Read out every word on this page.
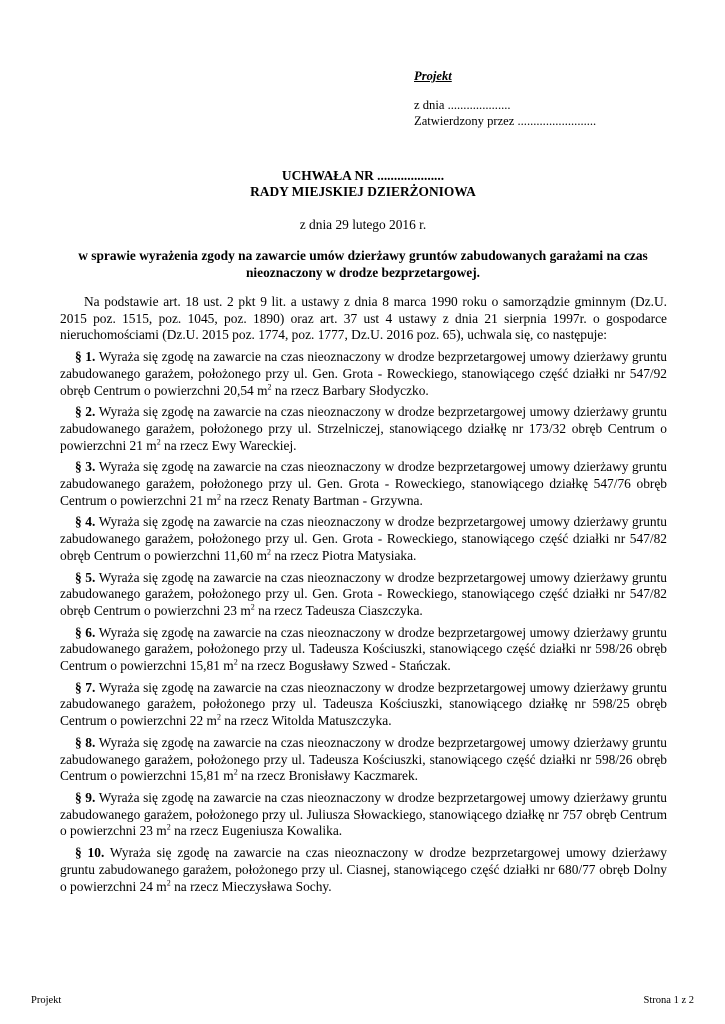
Projekt
z dnia ....................
Zatwierdzony przez .........................
UCHWAŁA NR ....................
RADY MIEJSKIEJ DZIERŻONIOWA
z dnia 29 lutego 2016 r.
w sprawie wyrażenia zgody na zawarcie umów dzierżawy gruntów zabudowanych garażami na czas nieoznaczony w drodze bezprzetargowej.

Na podstawie art. 18 ust. 2 pkt 9 lit. a ustawy z dnia 8 marca 1990 roku o samorządzie gminnym (Dz.U. 2015 poz. 1515, poz. 1045, poz. 1890) oraz art. 37 ust 4 ustawy z dnia 21 sierpnia 1997r. o gospodarce nieruchomościami (Dz.U. 2015 poz. 1774, poz. 1777, Dz.U. 2016 poz. 65), uchwala się, co następuje:

§ 1. Wyraża się zgodę na zawarcie na czas nieoznaczony w drodze bezprzetargowej umowy dzierżawy gruntu zabudowanego garażem, położonego przy ul. Gen. Grota - Roweckiego, stanowiącego część działki nr 547/92 obręb Centrum o powierzchni 20,54 $m^2$ na rzecz Barbary Słodyczko.

§ 2. Wyraża się zgodę na zawarcie na czas nieoznaczony w drodze bezprzetargowej umowy dzierżawy gruntu zabudowanego garażem, położonego przy ul. Strzelniczej, stanowiącego działkę nr 173/32 obręb Centrum o powierzchni 21 $m^2$ na rzecz Ewy Wareckiej.

§ 3. Wyraża się zgodę na zawarcie na czas nieoznaczony w drodze bezprzetargowej umowy dzierżawy gruntu zabudowanego garażem, położonego przy ul. Gen. Grota - Roweckiego, stanowiącego działkę 547/76 obręb Centrum o powierzchni 21 $m^2$ na rzecz Renaty Bartman - Grzywna.

§ 4. Wyraża się zgodę na zawarcie na czas nieoznaczony w drodze bezprzetargowej umowy dzierżawy gruntu zabudowanego garażem, położonego przy ul. Gen. Grota - Roweckiego, stanowiącego część działki nr 547/82 obręb Centrum o powierzchni 11,60 $m^2$ na rzecz Piotra Matysiaka.

§ 5. Wyraża się zgodę na zawarcie na czas nieoznaczony w drodze bezprzetargowej umowy dzierżawy gruntu zabudowanego garażem, położonego przy ul. Gen. Grota - Roweckiego, stanowiącego część działki nr 547/82 obręb Centrum o powierzchni 23 $m^2$ na rzecz Tadeusza Ciaszczyka.

§ 6. Wyraża się zgodę na zawarcie na czas nieoznaczony w drodze bezprzetargowej umowy dzierżawy gruntu zabudowanego garażem, położonego przy ul. Tadeusza Kościuszki, stanowiącego część działki nr 598/26 obręb Centrum o powierzchni 15,81 $m^2$ na rzecz Bogusławy Szwed - Stańczak.

§ 7. Wyraża się zgodę na zawarcie na czas nieoznaczony w drodze bezprzetargowej umowy dzierżawy gruntu zabudowanego garażem, położonego przy ul. Tadeusza Kościuszki, stanowiącego działkę nr 598/25 obręb Centrum o powierzchni 22 $m^2$ na rzecz Witolda Matuszczyka.

§ 8. Wyraża się zgodę na zawarcie na czas nieoznaczony w drodze bezprzetargowej umowy dzierżawy gruntu zabudowanego garażem, położonego przy ul. Tadeusza Kościuszki, stanowiącego część działki nr 598/26 obręb Centrum o powierzchni 15,81 $m^2$ na rzecz Bronisławy Kaczmarek.

§ 9. Wyraża się zgodę na zawarcie na czas nieoznaczony w drodze bezprzetargowej umowy dzierżawy gruntu zabudowanego garażem, położonego przy ul. Juliusza Słowackiego, stanowiącego działkę nr 757 obręb Centrum o powierzchni 23 $m^2$ na rzecz Eugeniusza Kowalika.

§ 10. Wyraża się zgodę na zawarcie na czas nieoznaczony w drodze bezprzetargowej umowy dzierżawy gruntu zabudowanego garażem, położonego przy ul. Ciasnej, stanowiącego część działki nr 680/77 obręb Dolny o powierzchni 24 $m^2$ na rzecz Mieczysława Sochy.

Projekt	Strona 1 z 2
